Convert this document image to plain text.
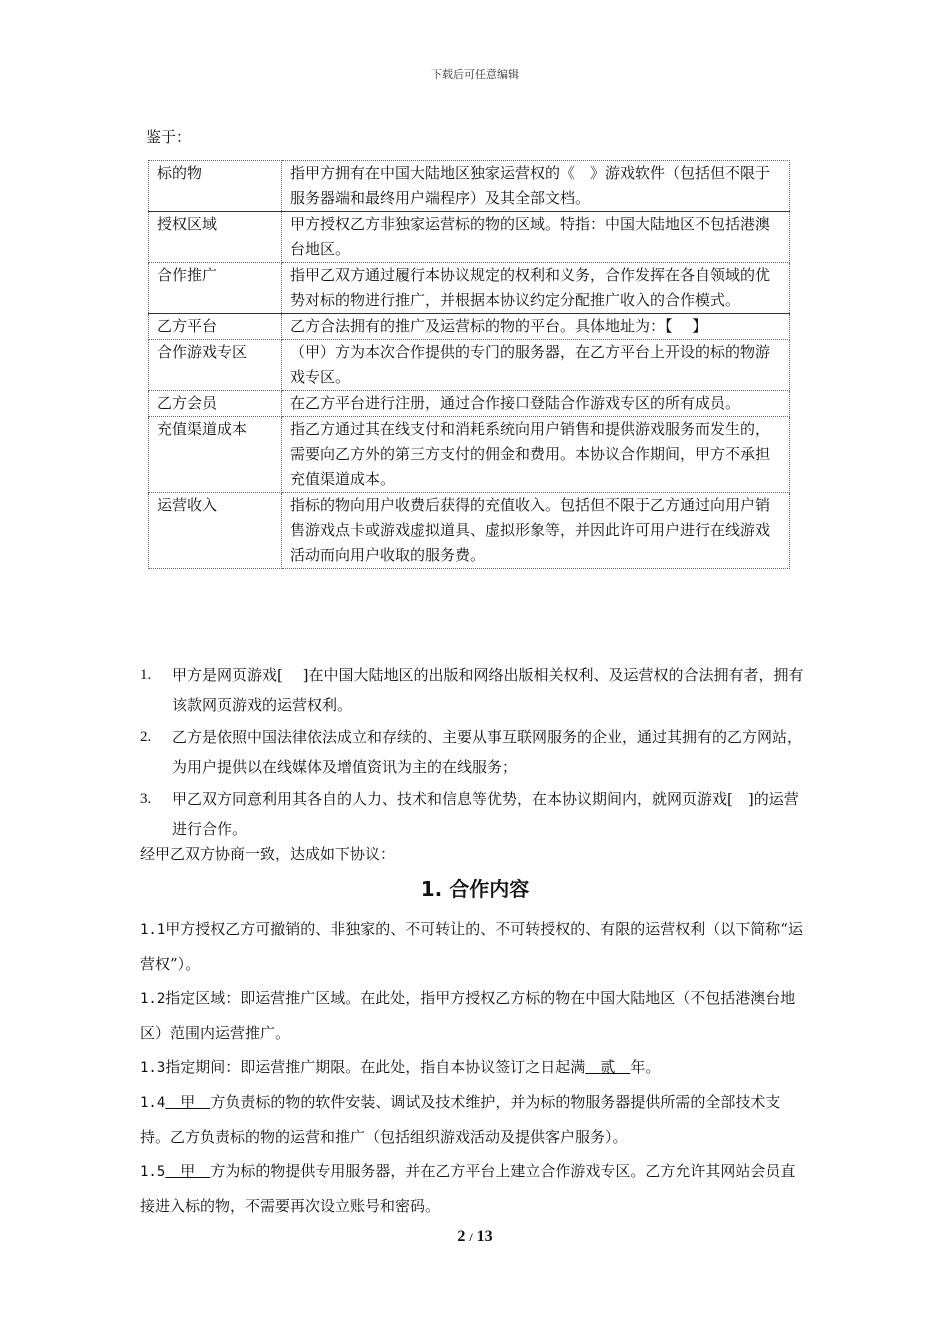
下载后可任意编辑
鉴于：
标的物	指甲方拥有在中国大陆地区独家运营权的《　》游戏软件（包括但不限于服务器端和最终用户端程序）及其全部文档。
授权区域	甲方授权乙方非独家运营标的物的区域。特指：中国大陆地区不包括港澳台地区。
合作推广	指甲乙双方通过履行本协议规定的权利和义务，合作发挥在各自领域的优势对标的物进行推广，并根据本协议约定分配推广收入的合作模式。
乙方平台	乙方合法拥有的推广及运营标的物的平台。具体地址为：【　 】
合作游戏专区	（甲）方为本次合作提供的专门的服务器，在乙方平台上开设的标的物游戏专区。
乙方会员	在乙方平台进行注册，通过合作接口登陆合作游戏专区的所有成员。
充值渠道成本	指乙方通过其在线支付和消耗系统向用户销售和提供游戏服务而发生的，需要向乙方外的第三方支付的佣金和费用。本协议合作期间，甲方不承担充值渠道成本。
运营收入	指标的物向用户收费后获得的充值收入。包括但不限于乙方通过向用户销售游戏点卡或游戏虚拟道具、虚拟形象等，并因此许可用户进行在线游戏活动而向用户收取的服务费。
1. 甲方是网页游戏[　 ]在中国大陆地区的出版和网络出版相关权利、及运营权的合法拥有者，拥有该款网页游戏的运营权利。
2. 乙方是依照中国法律依法成立和存续的、主要从事互联网服务的企业，通过其拥有的乙方网站，为用户提供以在线媒体及增值资讯为主的在线服务；
3. 甲乙双方同意利用其各自的人力、技术和信息等优势，在本协议期间内，就网页游戏[　]的运营进行合作。
经甲乙双方协商一致，达成如下协议：
1. 合作内容

1.1甲方授权乙方可撤销的、非独家的、不可转让的、不可转授权的、有限的运营权利（以下简称“运营权”）。

1.2指定区域：即运营推广区域。在此处，指甲方授权乙方标的物在中国大陆地区（不包括港澳台地区）范围内运营推广。

1.3指定期间：即运营推广期限。在此处，指自本协议签订之日起满　贰　年。

1.4　甲　方负责标的物的软件安装、调试及技术维护，并为标的物服务器提供所需的全部技术支持。乙方负责标的物的运营和推广（包括组织游戏活动及提供客户服务）。

1.5　甲　方为标的物提供专用服务器，并在乙方平台上建立合作游戏专区。乙方允许其网站会员直接进入标的物，不需要再次设立账号和密码。

2 / 13
